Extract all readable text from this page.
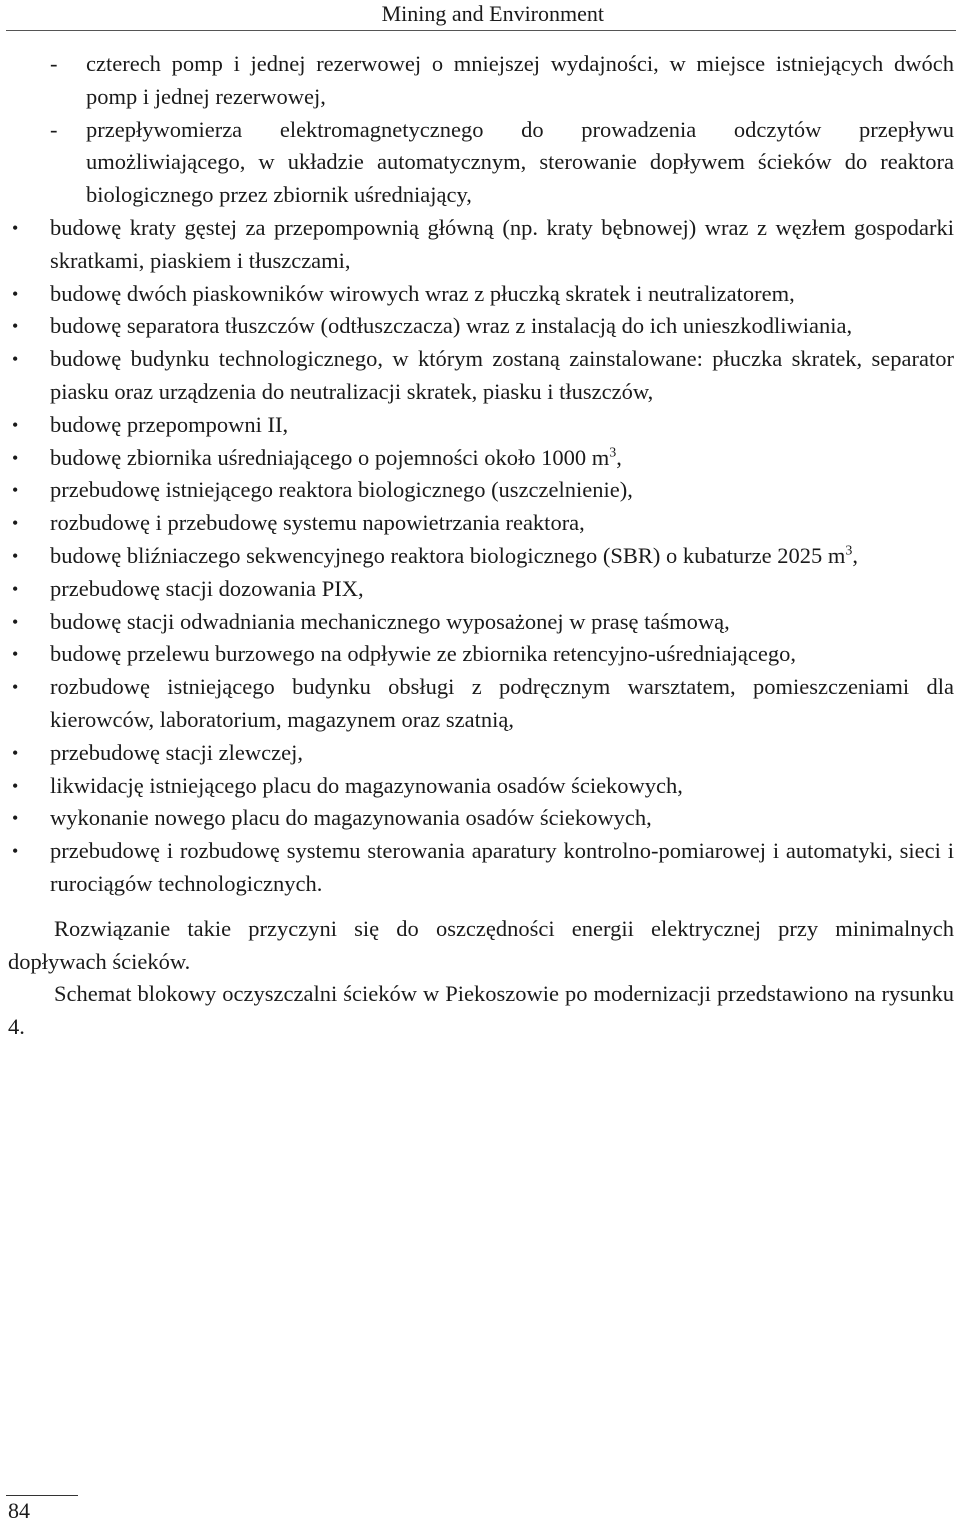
Mining and Environment
- czterech pomp i jednej rezerwowej o mniejszej wydajności, w miejsce istniejących dwóch pomp i jednej rezerwowej,
- przepływomierza elektromagnetycznego do prowadzenia odczytów przepływu umożliwiającego, w układzie automatycznym, sterowanie dopływem ścieków do reaktora biologicznego przez zbiornik uśredniający,
• budowę kraty gęstej za przepompownią główną (np. kraty bębnowej) wraz z węzłem gospodarki skratkami, piaskiem i tłuszczami,
• budowę dwóch piaskowników wirowych wraz z płuczką skratek i neutralizatorem,
• budowę separatora tłuszczów (odtłuszczacza) wraz z instalacją do ich unieszkodliwiania,
• budowę budynku technologicznego, w którym zostaną zainstalowane: płuczka skratek, separator piasku oraz urządzenia do neutralizacji skratek, piasku i tłuszczów,
• budowę przepompowni II,
• budowę zbiornika uśredniającego o pojemności około 1000 $m^3$,
• przebudowę istniejącego reaktora biologicznego (uszczelnienie),
• rozbudowę i przebudowę systemu napowietrzania reaktora,
• budowę bliźniaczego sekwencyjnego reaktora biologicznego (SBR) o kubaturze 2025 $m^3$,
• przebudowę stacji dozowania PIX,
• budowę stacji odwadniania mechanicznego wyposażonej w prasę taśmową,
• budowę przelewu burzowego na odpływie ze zbiornika retencyjno-uśredniającego,
• rozbudowę istniejącego budynku obsługi z podręcznym warsztatem, pomieszczeniami dla kierowców, laboratorium, magazynem oraz szatnią,
• przebudowę stacji zlewczej,
• likwidację istniejącego placu do magazynowania osadów ściekowych,
• wykonanie nowego placu do magazynowania osadów ściekowych,
• przebudowę i rozbudowę systemu sterowania aparatury kontrolno-pomiarowej i automatyki, sieci i rurociągów technologicznych.

Rozwiązanie takie przyczyni się do oszczędności energii elektrycznej przy minimalnych dopływach ścieków.

Schemat blokowy oczyszczalni ścieków w Piekoszowie po modernizacji przedstawiono na rysunku 4.

84
